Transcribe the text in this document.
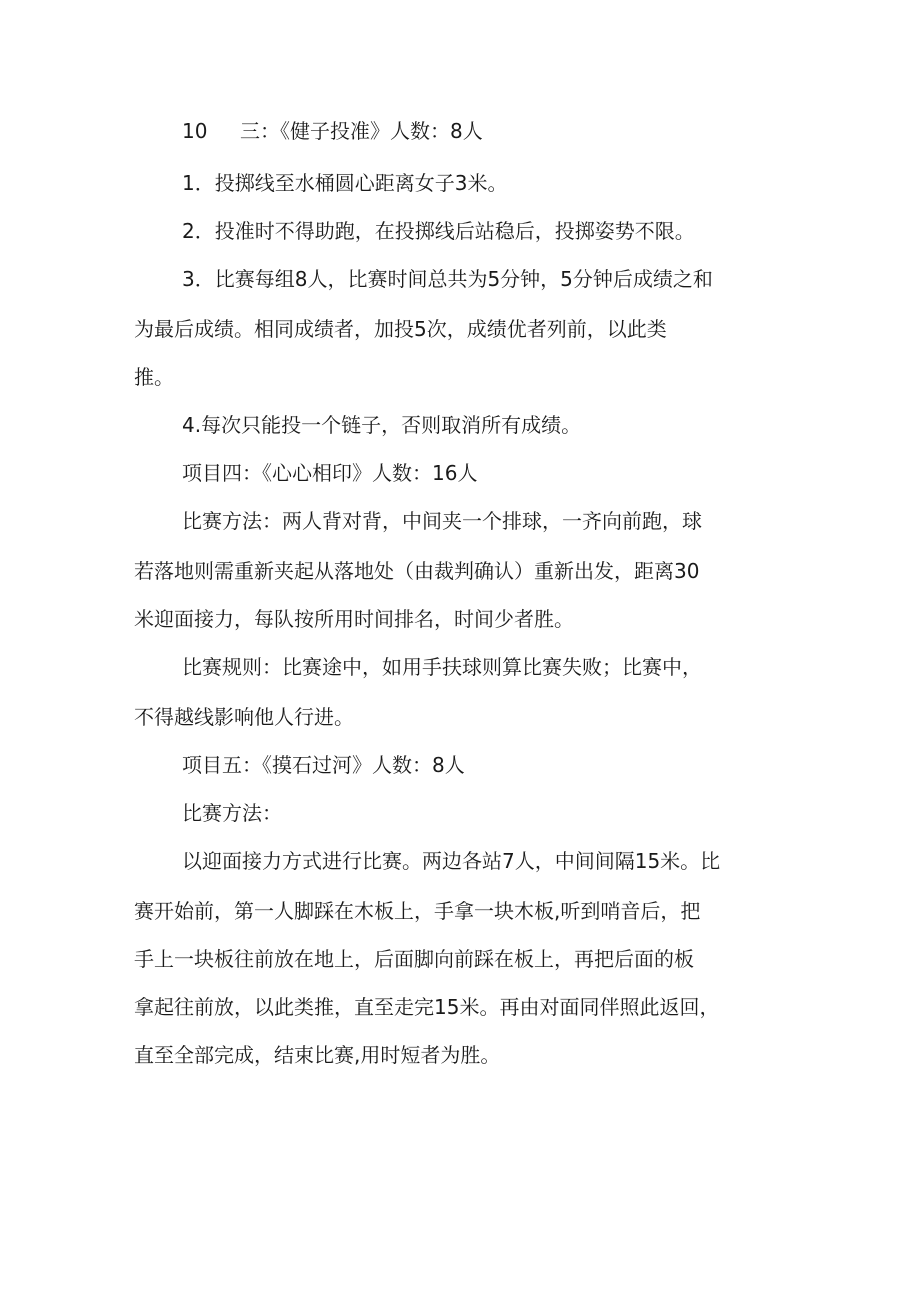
10 三：《健子投准》人数：8人
1．投掷线至水桶圆心距离女子3米。
2．投准时不得助跑，在投掷线后站稳后，投掷姿势不限。
3．比赛每组8人，比赛时间总共为5分钟，5分钟后成绩之和
为最后成绩。相同成绩者，加投5次，成绩优者列前，以此类
推。
4.每次只能投一个链子，否则取消所有成绩。
项目四：《心心相印》人数：16人
比赛方法：两人背对背，中间夹一个排球，一齐向前跑，球
若落地则需重新夹起从落地处（由裁判确认）重新出发，距离30
米迎面接力，每队按所用时间排名，时间少者胜。
比赛规则：比赛途中，如用手扶球则算比赛失败；比赛中，
不得越线影响他人行进。
项目五：《摸石过河》人数：8人
比赛方法：
以迎面接力方式进行比赛。两边各站7人，中间间隔15米。比
赛开始前，第一人脚踩在木板上，手拿一块木板,听到哨音后，把
手上一块板往前放在地上，后面脚向前踩在板上，再把后面的板
拿起往前放，以此类推，直至走完15米。再由对面同伴照此返回，
直至全部完成，结束比赛,用时短者为胜。
